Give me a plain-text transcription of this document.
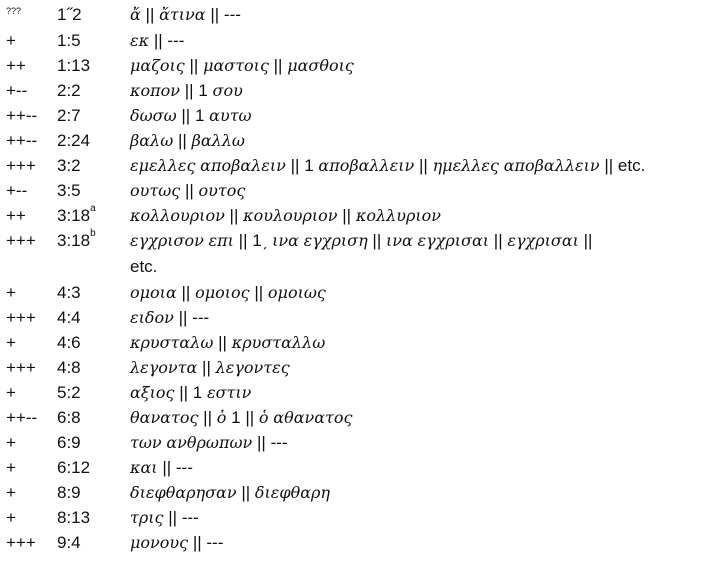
??? 1˝2	ἄ || ἄτινα || ---
+ 1:5	εκ || ---
++ 1:13 μαζοις || μαστοις || μασθοις
+-- 2:2	κοπον || 1 σου
++-- 2:7	δωσω || 1 αυτω
++-- 2:24 βαλω || βαλλω
+++ 3:2	εμελλες αποβαλειν || 1 αποβαλλειν || ημελλες αποβαλλειν || etc.
+-- 3:5	ουτως || ουτος
++ $3:18^a$ κολλουριον || κουλουριον || κολλυριον
+++ $3:18^b$ εγχρισον επι || 1ˏ ινα εγχριση || ινα εγχρισαι || εγχρισαι ||
etc.
+ 4:3	ομοια || ομοιος || ομοιως
+++ 4:4	ειδον || ---
+ 4:6	κρυσταλω || κρυσταλλω
+++ 4:8	λεγοντα || λεγοντες
+ 5:2	αξιος || 1 εστιν
++-- 6:8	θανατος || ὁ 1 || ὁ αθανατος
+ 6:9	των ανθρωπων || ---
+ 6:12 και || ---
+ 8:9	διεφθαρησαν || διεφθαρη
+ 8:13 τρις || ---
+++ 9:4	μονους || ---
